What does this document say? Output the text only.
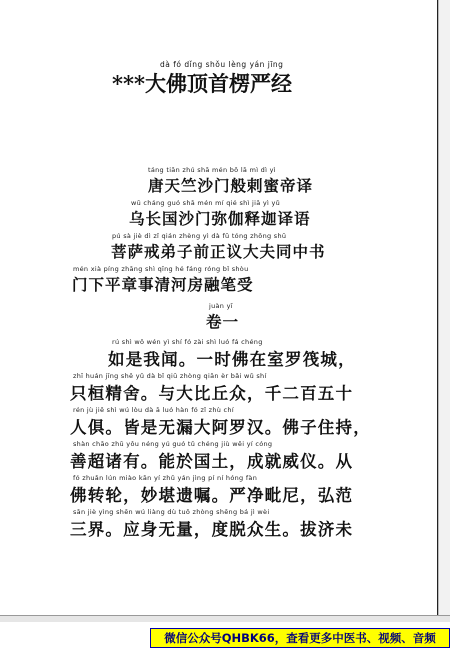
dà fó dǐng shǒu lèng yán jīng
***大佛顶首楞严经
táng tiān zhú shā mén bō lā mì dì yì
唐天竺沙门般剌蜜帝译
wū cháng guó shā mén mí qié shì jiā yì yǔ
乌长国沙门弥伽释迦译语
pú sà jiè dì zǐ qián zhèng yì dà fū tóng zhōng shū
菩萨戒弟子前正议大夫同中书
mén xià píng zhāng shì qīng hé fáng róng bǐ shòu
门下平章事清河房融笔受
juàn yī
卷一
rú shì wǒ wén yì shí fó zài shì luó fá chéng
如是我闻。一时佛在室罗筏城，
zhī huán jīng shě yǔ dà bǐ qiū zhòng qiān èr bǎi wǔ shí
只桓精舍。与大比丘众，千二百五十
rén jù jiē shì wú lòu dà ā luó hàn fó zǐ zhù chí
人俱。皆是无漏大阿罗汉。佛子住持，
shàn chāo zhū yǒu néng yú guó tǔ chéng jiù wēi yí cóng
善超诸有。能於国土，成就威仪。从
fó zhuǎn lún miào kān yí zhǔ yán jìng pí ní hóng fàn
佛转轮，妙堪遗嘱。严净毗尼，弘范
sān jiè yìng shēn wú liàng dù tuō zhòng shēng bá jì wèi
三界。应身无量，度脱众生。拔济未
微信公众号QHBK66，查看更多中医书、视频、音频
